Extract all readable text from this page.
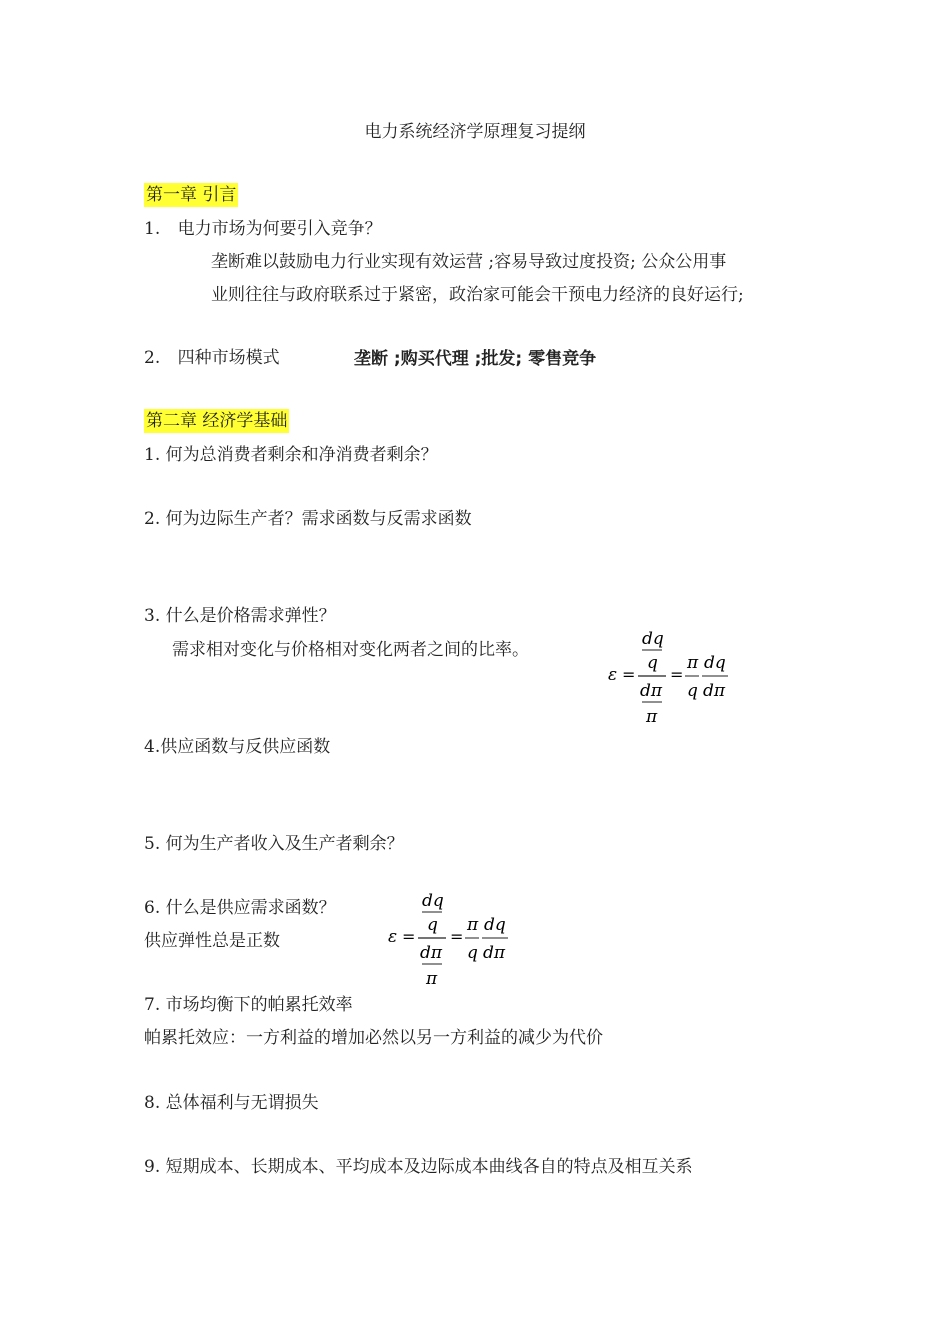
电力系统经济学原理复习提纲
第一章 引言
1. 电力市场为何要引入竞争？
垄断难以鼓励电力行业实现有效运营 ;容易导致过度投资; 公众公用事
业则往往与政府联系过于紧密，政治家可能会干预电力经济的良好运行;
2. 四种市场模式	垄断 ;购买代理 ;批发; 零售竞争
第二章 经济学基础
1. 何为总消费者剩余和净消费者剩余？
2. 何为边际生产者？需求函数与反需求函数
3. 什么是价格需求弹性？
需求相对变化与价格相对变化两者之间的比率。
ε =
dq
q
dπ
π
=
π
q
dq
dπ
4.供应函数与反供应函数
5. 何为生产者收入及生产者剩余？
6. 什么是供应需求函数？
供应弹性总是正数	ε =
dq
q
dπ
π
=
π
q
dq
dπ
7. 市场均衡下的帕累托效率
帕累托效应：一方利益的增加必然以另一方利益的减少为代价
8. 总体福利与无谓损失
9. 短期成本、长期成本、平均成本及边际成本曲线各自的特点及相互关系
